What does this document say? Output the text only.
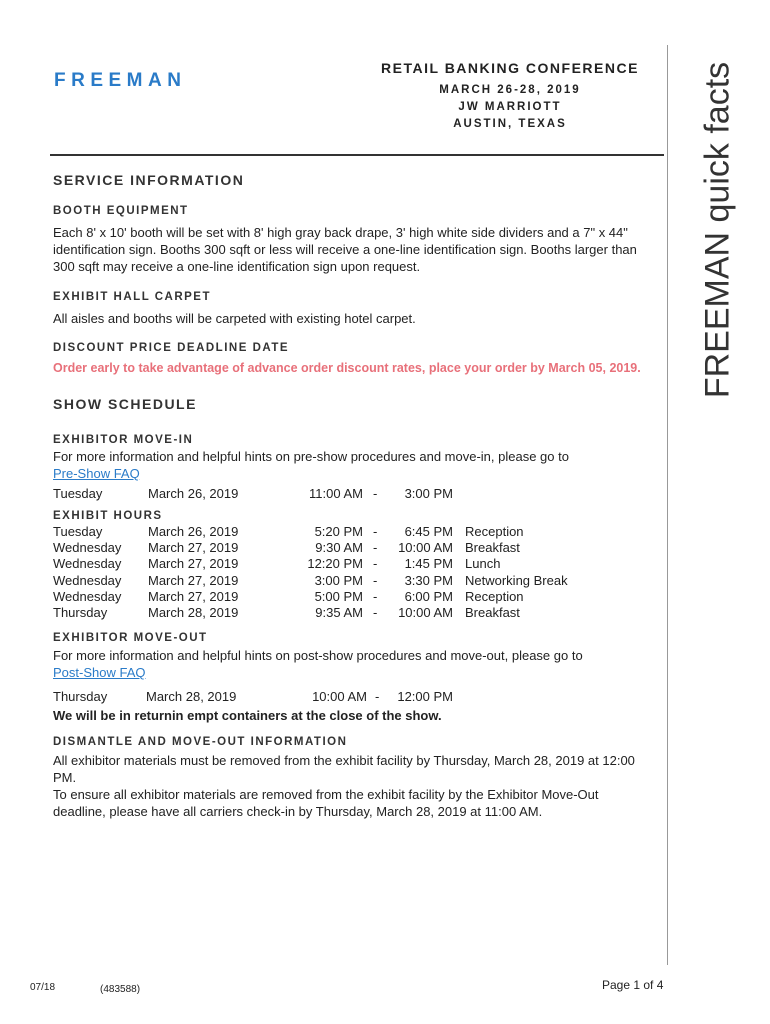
FREEMAN
RETAIL BANKING CONFERENCE
MARCH 26-28, 2019
JW MARRIOTT
AUSTIN, TEXAS	FREEMAN quick facts
SERVICE INFORMATION
BOOTH EQUIPMENT
Each 8' x 10' booth will be set with 8' high gray back drape, 3' high white side dividers and a 7" x 44" identification sign. Booths 300 sqft or less will receive a one-line identification sign. Booths larger than 300 sqft may receive a one-line identification sign upon request.
EXHIBIT HALL CARPET
All aisles and booths will be carpeted with existing hotel carpet.
DISCOUNT PRICE DEADLINE DATE
Order early to take advantage of advance order discount rates, place your order by March 05, 2019.
SHOW SCHEDULE
EXHIBITOR MOVE-IN
For more information and helpful hints on pre-show procedures and move-in, please go to
Pre-Show FAQ
Tuesday	March 26, 2019	11:00 AM - 3:00 PM
EXHIBIT HOURS
Tuesday	March 26, 2019	5:20 PM - 6:45 PM Reception
Wednesday March 27, 2019	9:30 AM - 10:00 AM Breakfast
Wednesday March 27, 2019	12:20 PM - 1:45 PM Lunch
Wednesday March 27, 2019	3:00 PM - 3:30 PM Networking Break
Wednesday March 27, 2019	5:00 PM - 6:00 PM Reception
Thursday	March 28, 2019	9:35 AM - 10:00 AM Breakfast
EXHIBITOR MOVE-OUT
For more information and helpful hints on post-show procedures and move-out, please go to
Post-Show FAQ
Thursday	March 28, 2019	10:00 AM - 12:00 PM
We will be in returnin empt containers at the close of the show.
DISMANTLE AND MOVE-OUT INFORMATION
All exhibitor materials must be removed from the exhibit facility by Thursday, March 28, 2019 at 12:00 PM.
To ensure all exhibitor materials are removed from the exhibit facility by the Exhibitor Move-Out deadline, please have all carriers check-in by Thursday, March 28, 2019 at 11:00 AM.
07/18	(483588)	Page 1 of 4
